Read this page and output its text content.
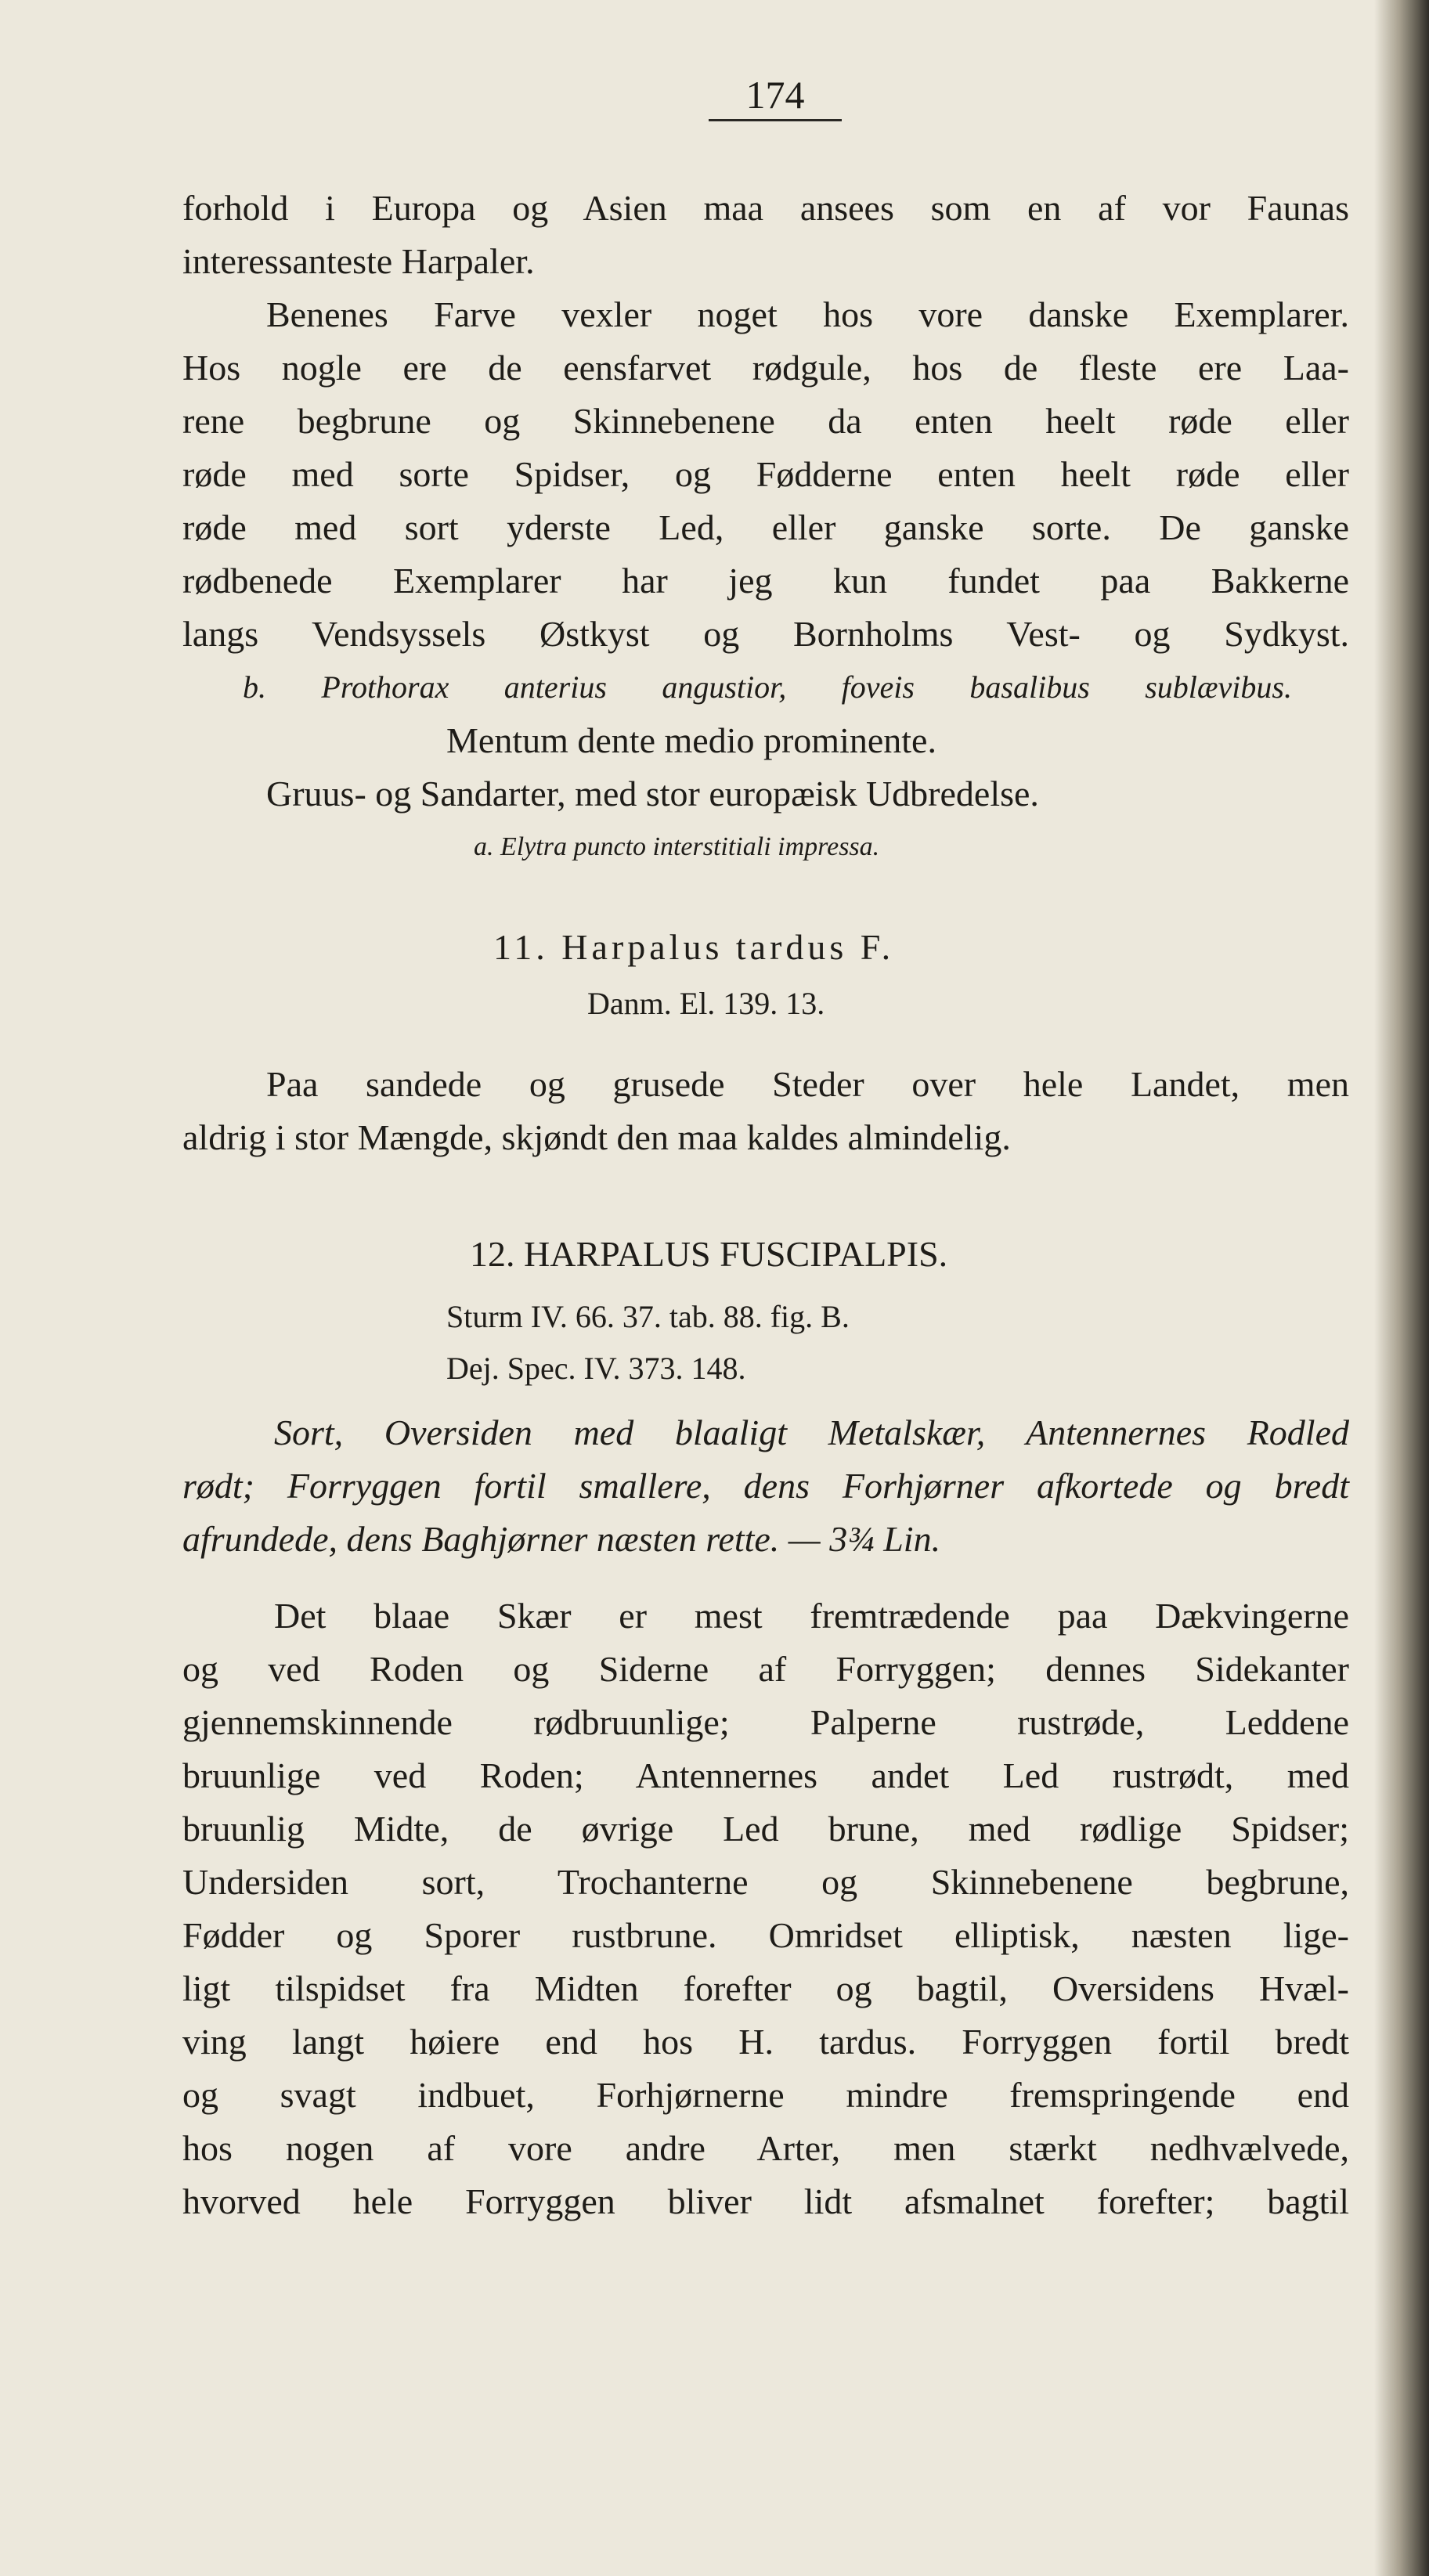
174
forhold i Europa og Asien maa ansees som en af vor Faunas
interessanteste Harpaler.
Benenes Farve vexler noget hos vore danske Exemplarer.
Hos nogle ere de eensfarvet rødgule, hos de fleste ere Laa-
rene begbrune og Skinnebenene da enten heelt røde eller
røde med sorte Spidser, og Fødderne enten heelt røde eller
røde med sort yderste Led, eller ganske sorte. De ganske
rødbenede Exemplarer har jeg kun fundet paa Bakkerne
langs Vendsyssels Østkyst og Bornholms Vest- og Sydkyst.
b. Prothorax anterius angustior, foveis basalibus sublævibus.
Mentum dente medio prominente.
Gruus- og Sandarter, med stor europæisk Udbredelse.
a. Elytra puncto interstitiali impressa.
11. Harpalus tardus F.
Danm. El. 139. 13.
Paa sandede og grusede Steder over hele Landet, men
aldrig i stor Mængde, skjøndt den maa kaldes almindelig.
12. HARPALUS FUSCIPALPIS.
Sturm IV. 66. 37. tab. 88. fig. B.
Dej. Spec. IV. 373. 148.
Sort, Oversiden med blaaligt Metalskær, Antennernes Rodled
rødt; Forryggen fortil smallere, dens Forhjørner afkortede og bredt
afrundede, dens Baghjørner næsten rette. — 3¾ Lin.
Det blaae Skær er mest fremtrædende paa Dækvingerne
og ved Roden og Siderne af Forryggen; dennes Sidekanter
gjennemskinnende rødbruunlige; Palperne rustrøde, Leddene
bruunlige ved Roden; Antennernes andet Led rustrødt, med
bruunlig Midte, de øvrige Led brune, med rødlige Spidser;
Undersiden sort, Trochanterne og Skinnebenene begbrune,
Fødder og Sporer rustbrune. Omridset elliptisk, næsten lige-
ligt tilspidset fra Midten forefter og bagtil, Oversidens Hvæl-
ving langt høiere end hos H. tardus. Forryggen fortil bredt
og svagt indbuet, Forhjørnerne mindre fremspringende end
hos nogen af vore andre Arter, men stærkt nedhvælvede,
hvorved hele Forryggen bliver lidt afsmalnet forefter; bagtil
